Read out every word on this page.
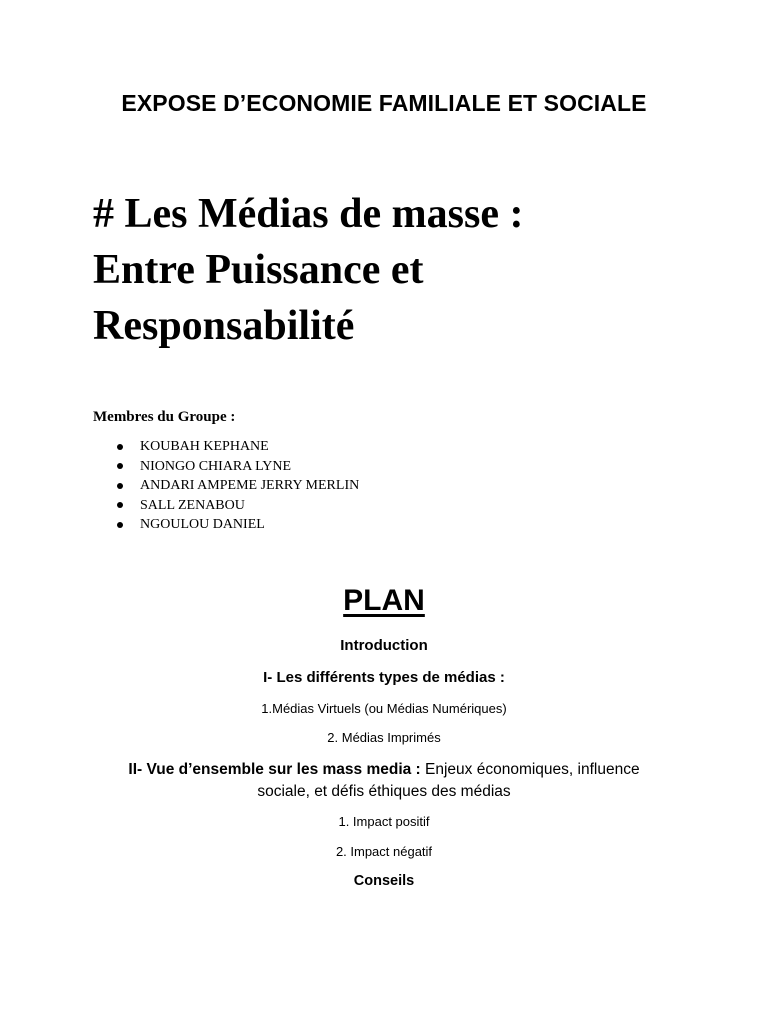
EXPOSE D’ECONOMIE FAMILIALE ET SOCIALE
# Les Médias de masse :
Entre Puissance et
Responsabilité
Membres du Groupe :
KOUBAH KEPHANE
NIONGO CHIARA LYNE
ANDARI AMPEME JERRY MERLIN
SALL ZENABOU
NGOULOU DANIEL
PLAN
Introduction
I- Les différents types de médias :
1.Médias Virtuels (ou Médias Numériques)
2. Médias Imprimés
II- Vue d’ensemble sur les mass media : Enjeux économiques, influence sociale, et défis éthiques des médias
1. Impact positif
2. Impact négatif
Conseils
